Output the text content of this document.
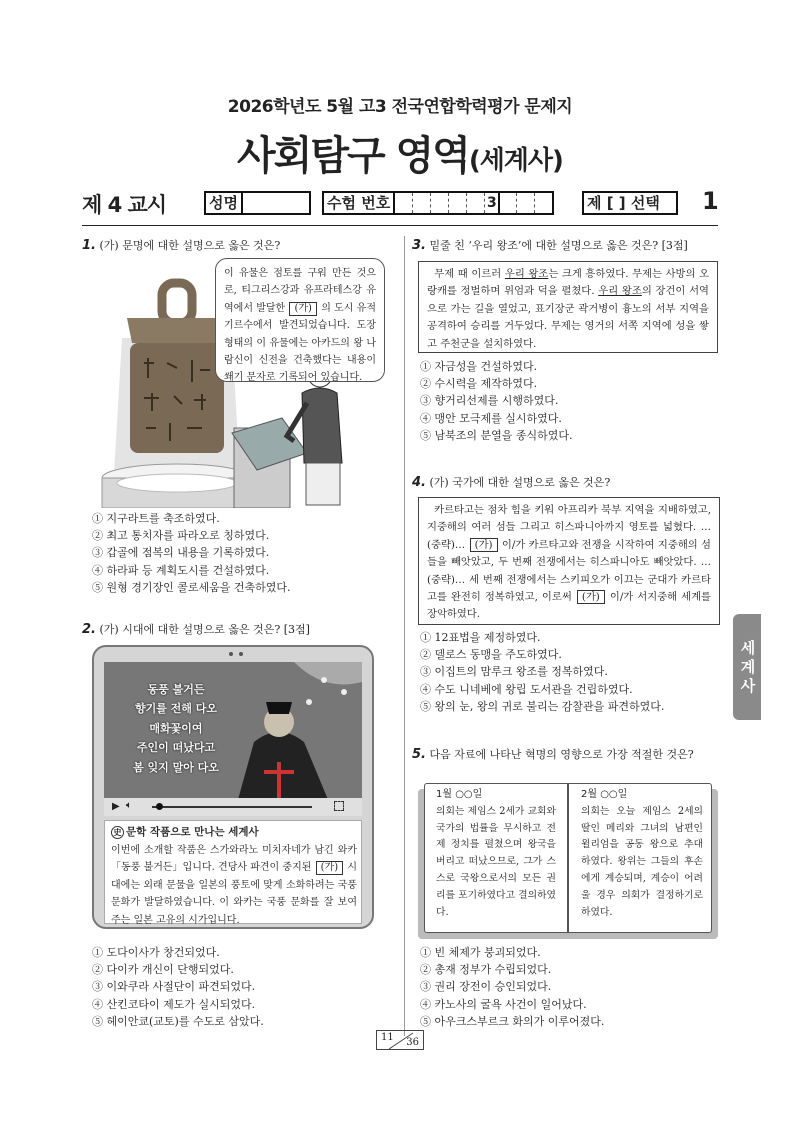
2026학년도 5월 고3 전국연합학력평가 문제지
사회탐구 영역(세계사)
제 4 교시	성명	수험 번호	3	제 [ ] 선택	1
세계사
1. (가) 문명에 대한 설명으로 옳은 것은?
이 유물은 점토를 구워 만든 것으로, 티그리스강과 유프라테스강 유역에서 발달한 (가) 의 도시 유적 기르수에서 발견되었습니다. 도장 형태의 이 유물에는 아카드의 왕 나람신이 신전을 건축했다는 내용이 쐐기 문자로 기록되어 있습니다.
① 지구라트를 축조하였다.
② 최고 통치자를 파라오로 칭하였다.
③ 갑골에 점복의 내용을 기록하였다.
④ 하라파 등 계획도시를 건설하였다.
⑤ 원형 경기장인 콜로세움을 건축하였다.
2. (가) 시대에 대한 설명으로 옳은 것은? [3점]
동풍 불거든
향기를 전해 다오
매화꽃이여
주인이 떠났다고
봄 잊지 말아 다오
▶ 🔈︎
史 문학 작품으로 만나는 세계사
이번에 소개할 작품은 스가와라노 미치자네가 남긴 와카 「동풍 불거든」입니다. 견당사 파견이 중지된 (가) 시대에는 외래 문물을 일본의 풍토에 맞게 소화하려는 국풍 문화가 발달하였습니다. 이 와카는 국풍 문화를 잘 보여 주는 일본 고유의 시가입니다.
① 도다이사가 창건되었다.
② 다이카 개신이 단행되었다.
③ 이와쿠라 사절단이 파견되었다.
④ 산킨코타이 제도가 실시되었다.
⑤ 헤이안쿄(교토)를 수도로 삼았다.
3. 밑줄 친 ‘우리 왕조’에 대한 설명으로 옳은 것은? [3점]
무제 때 이르러 우리 왕조는 크게 흥하였다. 무제는 사방의 오랑캐를 정벌하며 위엄과 덕을 펼쳤다. 우리 왕조의 장건이 서역으로 가는 길을 열었고, 표기장군 곽거병이 흉노의 서부 지역을 공격하여 승리를 거두었다. 무제는 영거의 서쪽 지역에 성을 쌓고 주천군을 설치하였다.
① 자금성을 건설하였다.
② 수시력을 제작하였다.
③ 향거리선제를 시행하였다.
④ 맹안 모극제를 실시하였다.
⑤ 남북조의 분열을 종식하였다.
4. (가) 국가에 대한 설명으로 옳은 것은?
카르타고는 점차 힘을 키워 아프리카 북부 지역을 지배하였고, 지중해의 여러 섬들 그리고 히스파니아까지 영토를 넓혔다. …(중략)… (가) 이/가 카르타고와 전쟁을 시작하여 지중해의 섬들을 빼앗았고, 두 번째 전쟁에서는 히스파니아도 빼앗았다. …(중략)… 세 번째 전쟁에서는 스키피오가 이끄는 군대가 카르타고를 완전히 정복하였고, 이로써 (가) 이/가 서지중해 세계를 장악하였다.
① 12표법을 제정하였다.
② 델로스 동맹을 주도하였다.
③ 이집트의 맘루크 왕조를 정복하였다.
④ 수도 니네베에 왕립 도서관을 건립하였다.
⑤ 왕의 눈, 왕의 귀로 불리는 감찰관을 파견하였다.
5. 다음 자료에 나타난 혁명의 영향으로 가장 적절한 것은?
1월 ○○일
의회는 제임스 2세가 교회와 국가의 법률을 무시하고 전제 정치를 펼쳤으며 왕국을 버리고 떠났으므로, 그가 스스로 국왕으로서의 모든 권리를 포기하였다고 결의하였다.
2월 ○○일
의회는 오늘 제임스 2세의 딸인 메리와 그녀의 남편인 윌리엄을 공동 왕으로 추대하였다. 왕위는 그들의 후손에게 계승되며, 계승이 어려울 경우 의회가 결정하기로 하였다.
① 빈 체제가 붕괴되었다.
② 총재 정부가 수립되었다.
③ 권리 장전이 승인되었다.
④ 카노사의 굴욕 사건이 일어났다.
⑤ 아우크스부르크 화의가 이루어졌다.
11 36
